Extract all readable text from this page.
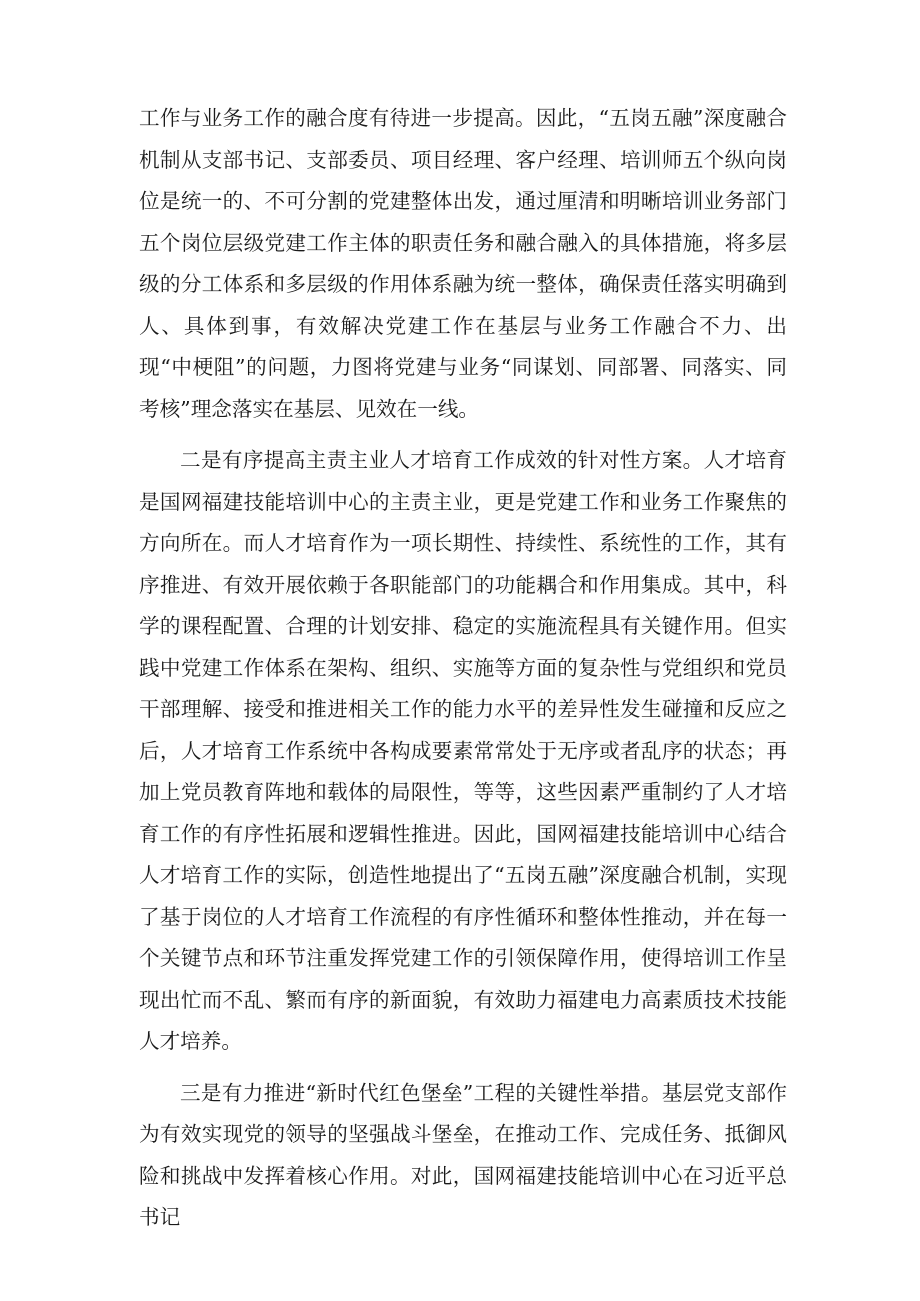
工作与业务工作的融合度有待进一步提高。因此，“五岗五融”深度融合机制从支部书记、支部委员、项目经理、客户经理、培训师五个纵向岗位是统一的、不可分割的党建整体出发，通过厘清和明晰培训业务部门五个岗位层级党建工作主体的职责任务和融合融入的具体措施，将多层级的分工体系和多层级的作用体系融为统一整体，确保责任落实明确到人、具体到事，有效解决党建工作在基层与业务工作融合不力、出现“中梗阻”的问题，力图将党建与业务“同谋划、同部署、同落实、同考核”理念落实在基层、见效在一线。

二是有序提高主责主业人才培育工作成效的针对性方案。人才培育是国网福建技能培训中心的主责主业，更是党建工作和业务工作聚焦的方向所在。而人才培育作为一项长期性、持续性、系统性的工作，其有序推进、有效开展依赖于各职能部门的功能耦合和作用集成。其中，科学的课程配置、合理的计划安排、稳定的实施流程具有关键作用。但实践中党建工作体系在架构、组织、实施等方面的复杂性与党组织和党员干部理解、接受和推进相关工作的能力水平的差异性发生碰撞和反应之后，人才培育工作系统中各构成要素常常处于无序或者乱序的状态；再加上党员教育阵地和载体的局限性，等等，这些因素严重制约了人才培育工作的有序性拓展和逻辑性推进。因此，国网福建技能培训中心结合人才培育工作的实际，创造性地提出了“五岗五融”深度融合机制，实现了基于岗位的人才培育工作流程的有序性循环和整体性推动，并在每一个关键节点和环节注重发挥党建工作的引领保障作用，使得培训工作呈现出忙而不乱、繁而有序的新面貌，有效助力福建电力高素质技术技能人才培养。

三是有力推进“新时代红色堡垒”工程的关键性举措。基层党支部作为有效实现党的领导的坚强战斗堡垒，在推动工作、完成任务、抵御风险和挑战中发挥着核心作用。对此，国网福建技能培训中心在习近平总书记
